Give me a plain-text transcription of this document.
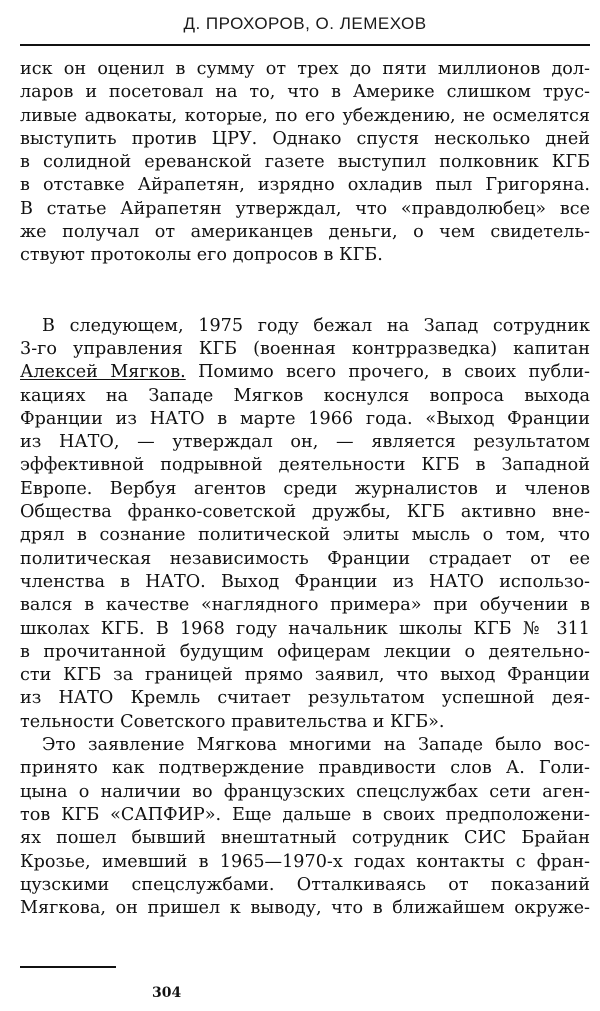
Д. ПРОХОРОВ, О. ЛЕМЕХОВ
иск он оценил в сумму от трех до пяти миллионов дол-
ларов и посетовал на то, что в Америке слишком трус-
ливые адвокаты, которые, по его убеждению, не осмелятся
выступить против ЦРУ. Однако спустя несколько дней
в солидной ереванской газете выступил полковник КГБ
в отставке Айрапетян, изрядно охладив пыл Григоряна.
В статье Айрапетян утверждал, что «правдолюбец» все
же получал от американцев деньги, о чем свидетель-
ствуют протоколы его допросов в КГБ.
В следующем, 1975 году бежал на Запад сотрудник
3-го управления КГБ (военная контрразведка) капитан
Алексей Мягков. Помимо всего прочего, в своих публи-
кациях на Западе Мягков коснулся вопроса выхода
Франции из НАТО в марте 1966 года. «Выход Франции
из НАТО, — утверждал он, — является результатом
эффективной подрывной деятельности КГБ в Западной
Европе. Вербуя агентов среди журналистов и членов
Общества франко-советской дружбы, КГБ активно вне-
дрял в сознание политической элиты мысль о том, что
политическая независимость Франции страдает от ее
членства в НАТО. Выход Франции из НАТО использо-
вался в качестве «наглядного примера» при обучении в
школах КГБ. В 1968 году начальник школы КГБ № 311
в прочитанной будущим офицерам лекции о деятельно-
сти КГБ за границей прямо заявил, что выход Франции
из НАТО Кремль считает результатом успешной дея-
тельности Советского правительства и КГБ».
Это заявление Мягкова многими на Западе было вос-
принято как подтверждение правдивости слов А. Голи-
цына о наличии во французских спецслужбах сети аген-
тов КГБ «САПФИР». Еще дальше в своих предположени-
ях пошел бывший внештатный сотрудник СИС Брайан
Крозье, имевший в 1965—1970-х годах контакты с фран-
цузскими спецслужбами. Отталкиваясь от показаний
Мягкова, он пришел к выводу, что в ближайшем окруже-
304
